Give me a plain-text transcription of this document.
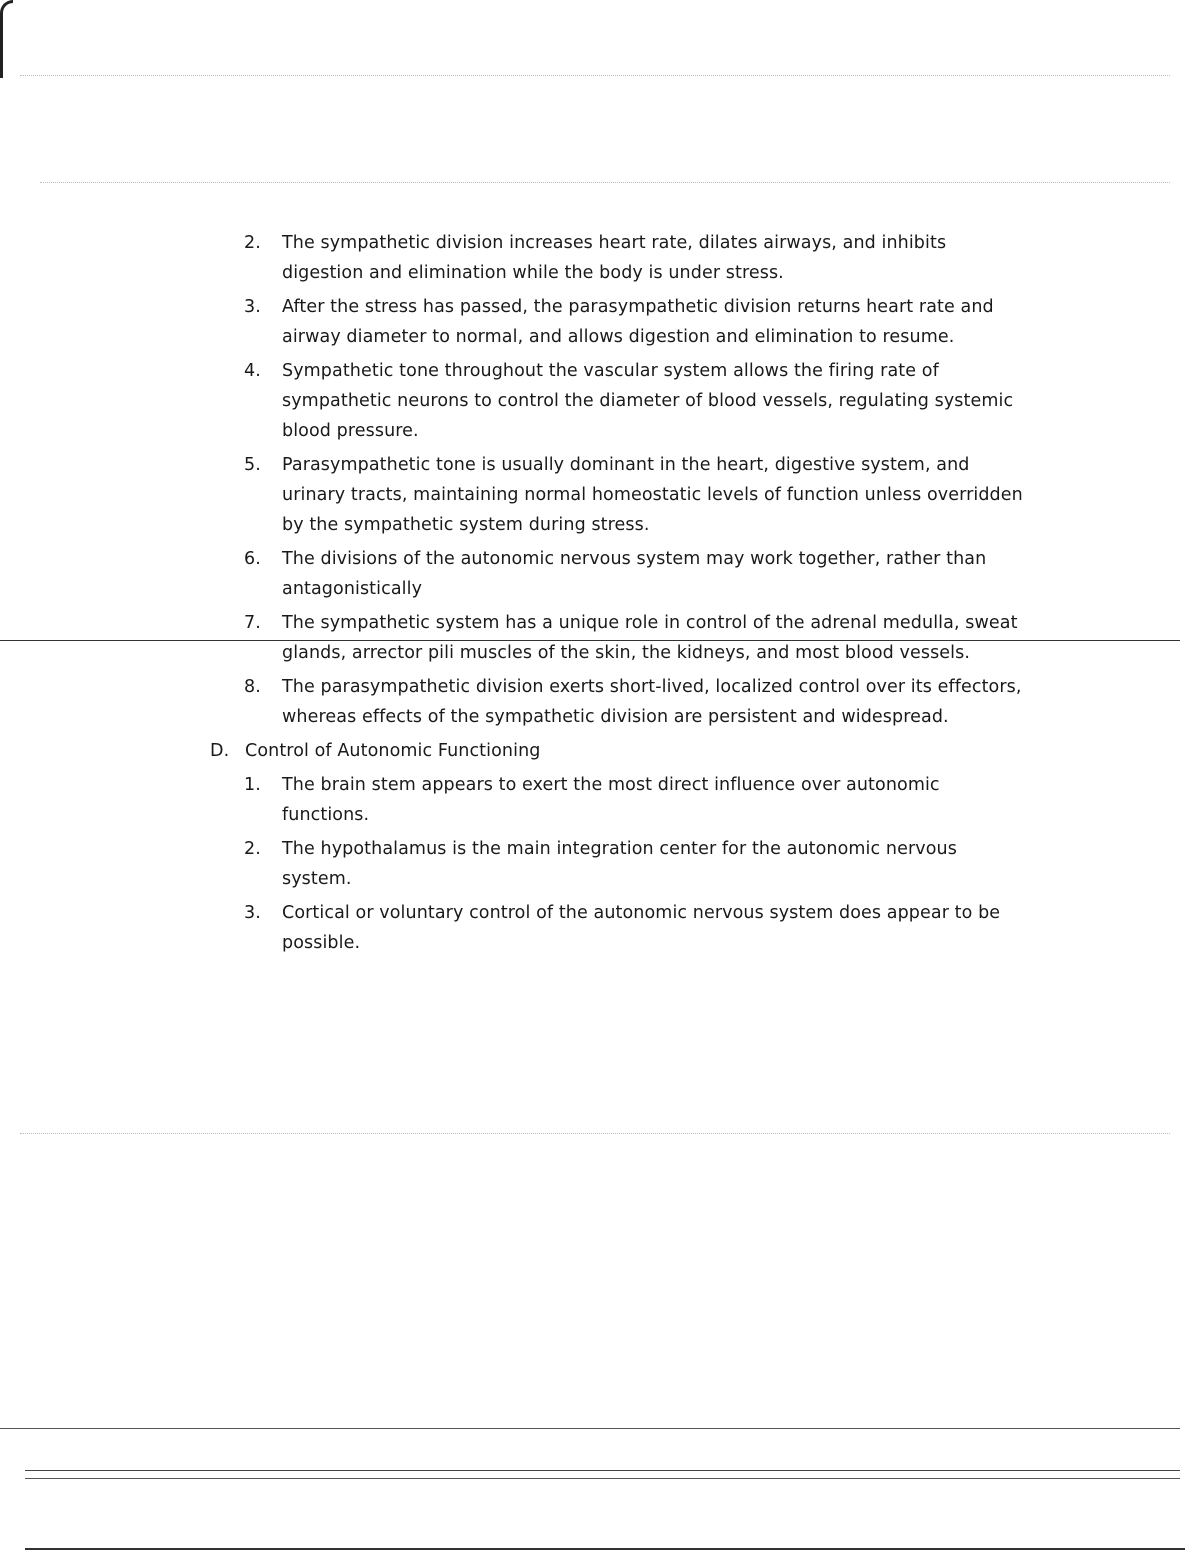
2. The sympathetic division increases heart rate, dilates airways, and inhibits digestion and elimination while the body is under stress.
3. After the stress has passed, the parasympathetic division returns heart rate and airway diameter to normal, and allows digestion and elimination to resume.
4. Sympathetic tone throughout the vascular system allows the firing rate of sympathetic neurons to control the diameter of blood vessels, regulating systemic blood pressure.
5. Parasympathetic tone is usually dominant in the heart, digestive system, and urinary tracts, maintaining normal homeostatic levels of function unless overridden by the sympathetic system during stress.
6. The divisions of the autonomic nervous system may work together, rather than antagonistically
7. The sympathetic system has a unique role in control of the adrenal medulla, sweat glands, arrector pili muscles of the skin, the kidneys, and most blood vessels.
8. The parasympathetic division exerts short-lived, localized control over its effectors, whereas effects of the sympathetic division are persistent and widespread.
D. Control of Autonomic Functioning
1. The brain stem appears to exert the most direct influence over autonomic functions.
2. The hypothalamus is the main integration center for the autonomic nervous system.
3. Cortical or voluntary control of the autonomic nervous system does appear to be possible.
